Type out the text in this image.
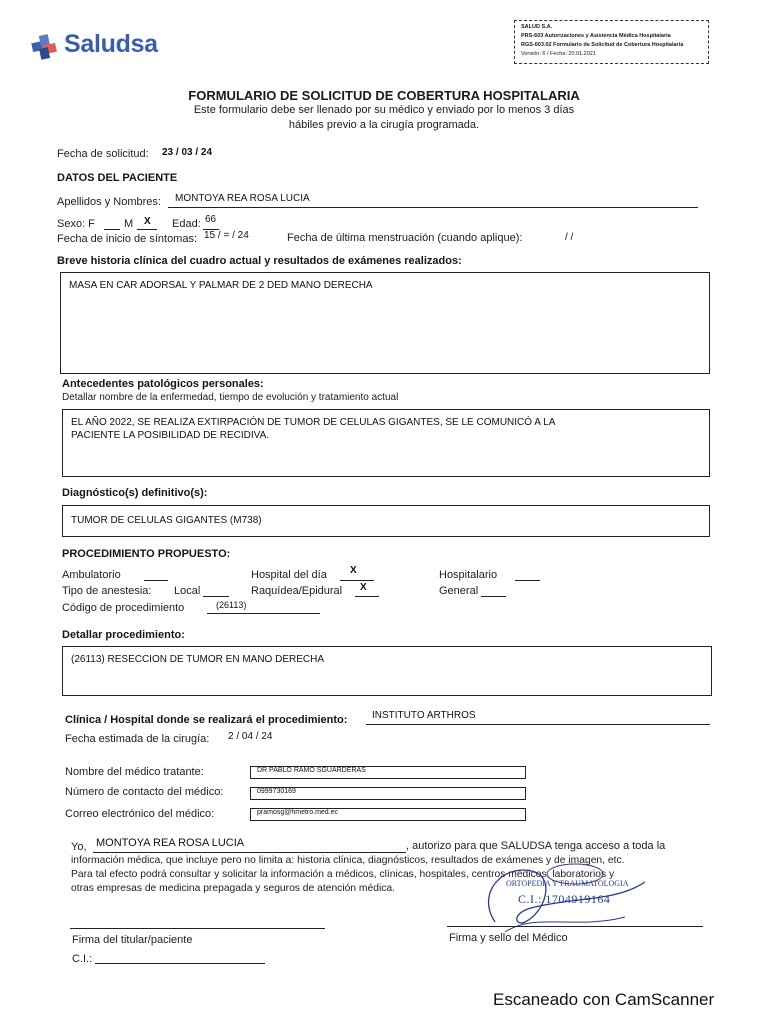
Saludsa
SALUD S.A.
PRS-603 Autorizaciones y Asistencia Médica Hospitalaria
RGS-603.02 Formulario de Solicitud de Cobertura Hospitalaria
Versión: 6 / Fecha: 20.01.2021
FORMULARIO DE SOLICITUD DE COBERTURA HOSPITALARIA
Este formulario debe ser llenado por su médico y enviado por lo menos 3 días
hábiles previo a la cirugía programada.
Fecha de solicitud: 23 / 03 / 24
DATOS DEL PACIENTE
Apellidos y Nombres: MONTOYA REA ROSA LUCIA
Sexo: F	M X Edad: 66
Fecha de inicio de síntomas: 15 / = / 24	Fecha de última menstruación (cuando aplique):	/ /
Breve historia clínica del cuadro actual y resultados de exámenes realizados:
MASA EN CAR ADORSAL Y PALMAR DE 2 DED MANO DERECHA
Antecedentes patológicos personales:
Detallar nombre de la enfermedad, tiempo de evolución y tratamiento actual
EL AÑO 2022, SE REALIZA EXTIRPACIÓN DE TUMOR DE CELULAS GIGANTES, SE LE COMUNICÓ A LA
PACIENTE LA POSIBILIDAD DE RECIDIVA.
Diagnóstico(s) definitivo(s):
TUMOR DE CELULAS GIGANTES (M738)
PROCEDIMIENTO PROPUESTO:
Ambulatorio	Hospital del día X	Hospitalario
Tipo de anestesia: Local	Raquídea/Epidural X	General
Código de procedimiento	(26113)
Detallar procedimiento:
(26113) RESECCION DE TUMOR EN MANO DERECHA
Clínica / Hospital donde se realizará el procedimiento: INSTITUTO ARTHROS
Fecha estimada de la cirugía: 2 / 04 / 24
Nombre del médico tratante:	DR PABLO RAMO SGUARDERAS
Número de contacto del médico:	0999730169
Correo electrónico del médico:	pramosg@hmetro.med.ec
Yo, MONTOYA REA ROSA LUCIA	, autorizo para que SALUDSA tenga acceso a toda la
información médica, que incluye pero no limita a: historia clínica, diagnósticos, resultados de exámenes y de imagen, etc.
Para tal efecto podrá consultar y solicitar la información a médicos, clínicas, hospitales, centros médicos, laboratorios y
otras empresas de medicina prepagada y seguros de atención médica.	ORTOPEDIA Y TRAUMATOLOGIA
C.I.: 1704919164
Firma del titular/paciente
C.I.:
Firma y sello del Médico
Escaneado con CamScanner
